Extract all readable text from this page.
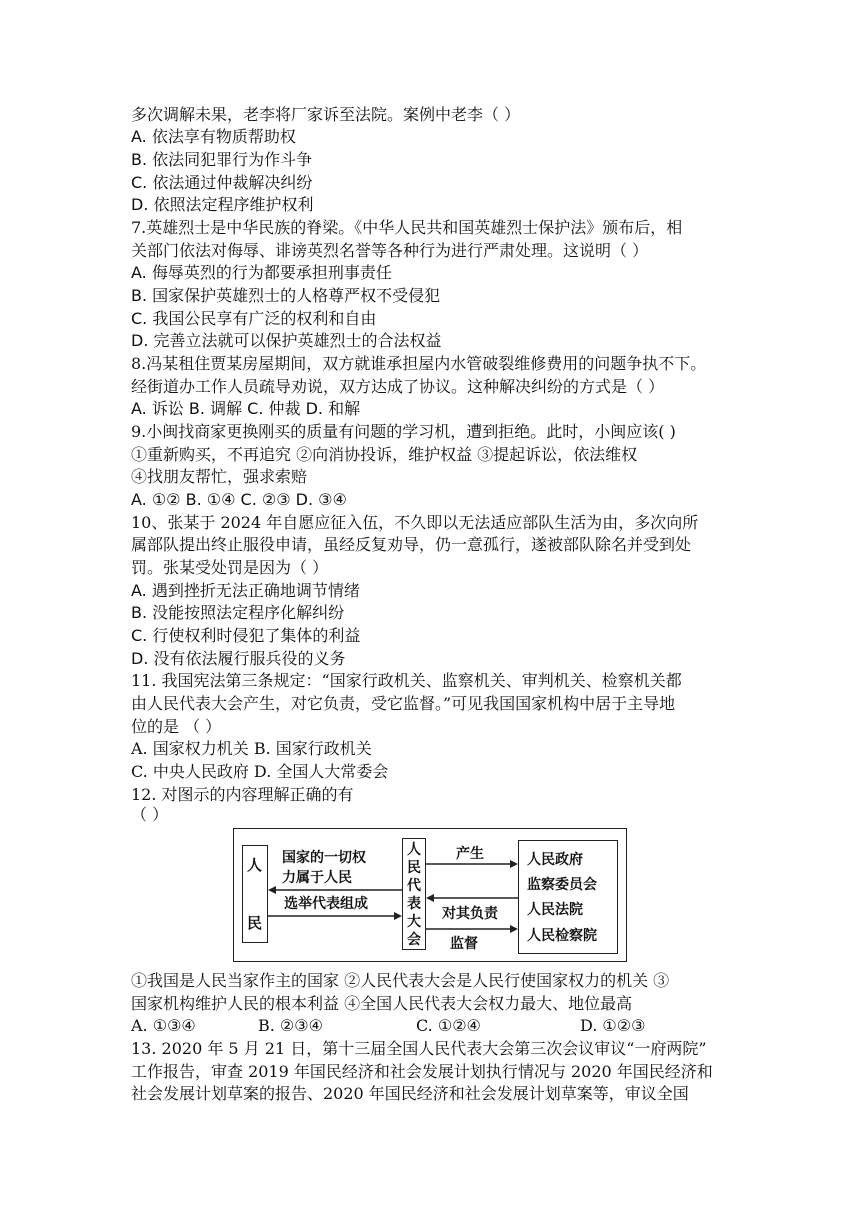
多次调解未果，老李将厂家诉至法院。案例中老李（ ）
A. 依法享有物质帮助权
B. 依法同犯罪行为作斗争
C. 依法通过仲裁解决纠纷
D. 依照法定程序维护权利
7.英雄烈士是中华民族的脊梁。《中华人民共和国英雄烈士保护法》颁布后，相
关部门依法对侮辱、诽谤英烈名誉等各种行为进行严肃处理。这说明（ ）
A. 侮辱英烈的行为都要承担刑事责任
B. 国家保护英雄烈士的人格尊严权不受侵犯
C. 我国公民享有广泛的权利和自由
D. 完善立法就可以保护英雄烈士的合法权益
8.冯某租住贾某房屋期间，双方就谁承担屋内水管破裂维修费用的问题争执不下。
经街道办工作人员疏导劝说，双方达成了协议。这种解决纠纷的方式是（ ）
A. 诉讼 B. 调解 C. 仲裁 D. 和解
9.小闽找商家更换刚买的质量有问题的学习机，遭到拒绝。此时，小闽应该( )
①重新购买，不再追究 ②向消协投诉，维护权益 ③提起诉讼，依法维权
④找朋友帮忙，强求索赔
A. ①② B. ①④ C. ②③ D. ③④
10、张某于 2024 年自愿应征入伍，不久即以无法适应部队生活为由，多次向所
属部队提出终止服役申请，虽经反复劝导，仍一意孤行，遂被部队除名并受到处
罚。张某受处罚是因为（ ）
A. 遇到挫折无法正确地调节情绪
B. 没能按照法定程序化解纠纷
C. 行使权利时侵犯了集体的利益
D. 没有依法履行服兵役的义务
11. 我国宪法第三条规定：“国家行政机关、监察机关、审判机关、检察机关都
由人民代表大会产生，对它负责，受它监督。”可见我国国家机构中居于主导地
位的是 （ ）
A. 国家权力机关 B. 国家行政机关
C. 中央人民政府 D. 全国人大常委会
12. 对图示的内容理解正确的有
（ ）
人
民
国家的一切权
力属于人民
选举代表组成
人
民
代
表
大
会
产生
对其负责
监督
人民政府
监察委员会
人民法院
人民检察院
①我国是人民当家作主的国家 ②人民代表大会是人民行使国家权力的机关 ③
国家机构维护人民的根本利益 ④全国人民代表大会权力最大、地位最高
A. ①③④	B. ②③④	C. ①②④	D. ①②③
13. 2020 年 5 月 21 日，第十三届全国人民代表大会第三次会议审议“一府两院”
工作报告，审查 2019 年国民经济和社会发展计划执行情况与 2020 年国民经济和
社会发展计划草案的报告、2020 年国民经济和社会发展计划草案等，审议全国
